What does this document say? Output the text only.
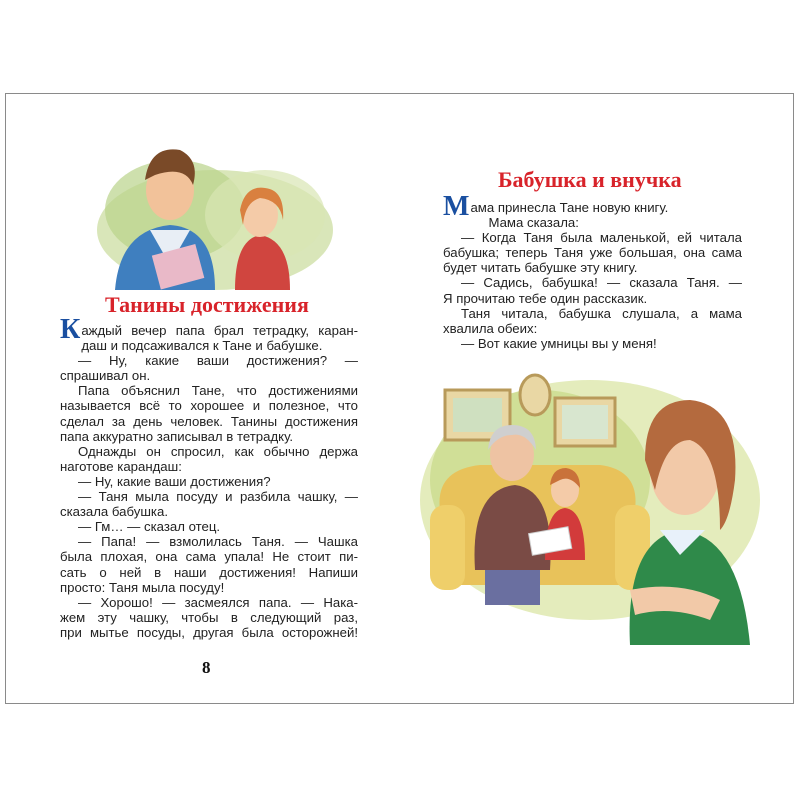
Танины достижения
Каждый вечер папа брал тетрадку, каран-
даш и подсаживался к Тане и бабушке.
— Ну, какие ваши достижения? —
спрашивал он.
Папа объяснил Тане, что достижениями
называется всё то хорошее и полезное, что
сделал за день человек. Танины достижения
папа аккуратно записывал в тетрадку.
Однажды он спросил, как обычно держа
наготове карандаш:
— Ну, какие ваши достижения?
— Таня мыла посуду и разбила чашку, —
сказала бабушка.
— Гм… — сказал отец.
— Папа! — взмолилась Таня. — Чашка
была плохая, она сама упала! Не стоит пи-
сать о ней в наши достижения! Напиши
просто: Таня мыла посуду!
— Хорошо! — засмеялся папа. — Нака-
жем эту чашку, чтобы в следующий раз,
при мытье посуды, другая была осторожней!
8
Бабушка и внучка
Мама принесла Тане новую книгу.
Мама сказала:
— Когда Таня была маленькой, ей читала
бабушка; теперь Таня уже большая, она сама
будет читать бабушке эту книгу.
— Садись, бабушка! — сказала Таня. —
Я прочитаю тебе один рассказик.
Таня читала, бабушка слушала, а мама
хвалила обеих:
— Вот какие умницы вы у меня!
